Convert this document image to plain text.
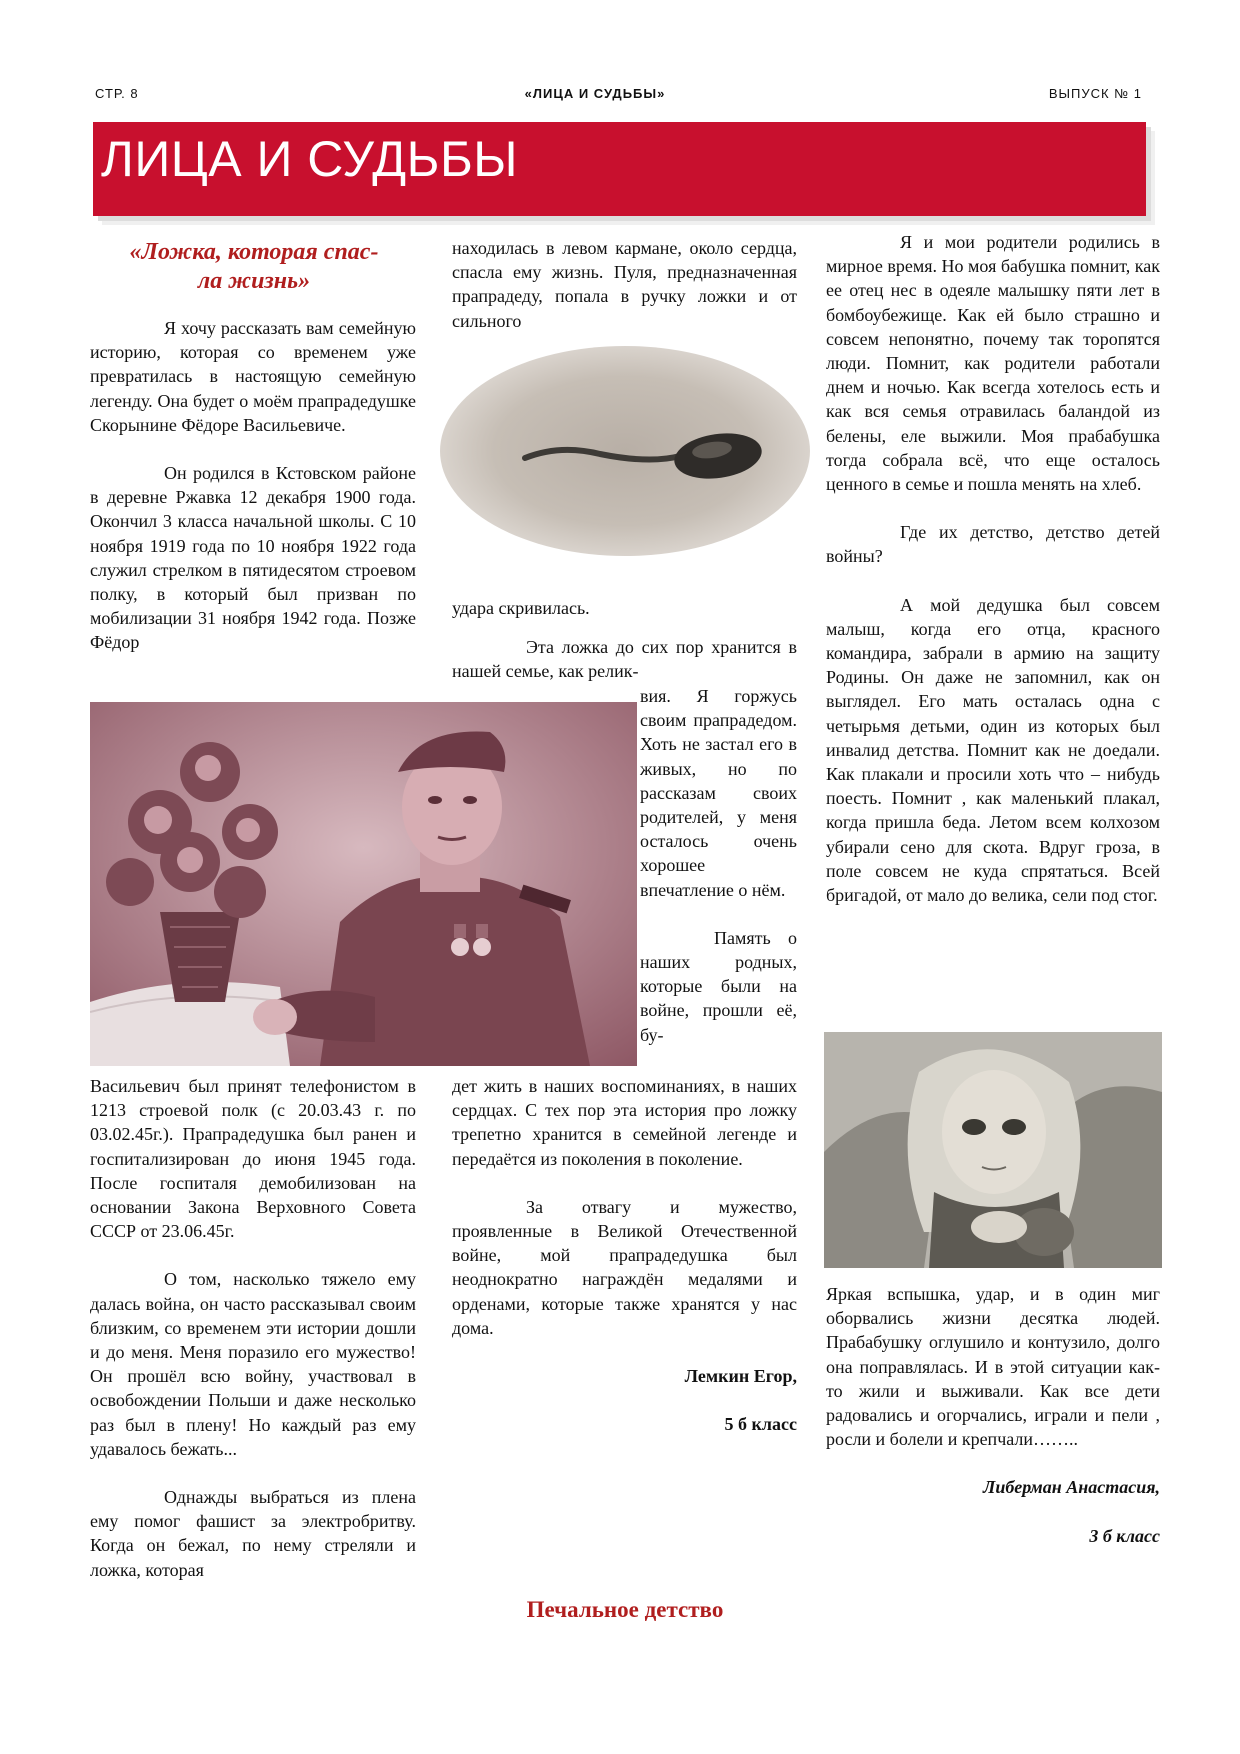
СТР. 8	«ЛИЦА И СУДЬБЫ»	ВЫПУСК № 1
ЛИЦА И СУДЬБЫ
«Ложка, которая спас-
ла жизнь»

Я хочу рассказать вам семейную историю, которая со временем уже превратилась в настоящую семейную легенду. Она будет о моём прапрадедушке Скорынине Фёдоре Васильевиче.

Он родился в Кстовском районе в деревне Ржавка 12 декабря 1900 года. Окончил 3 класса начальной школы. С 10 ноября 1919 года по 10 ноября 1922 года служил стрелком в пятидесятом строевом полку, в который был призван по мобилизации 31 ноября 1942 года. Позже Фёдор

Васильевич был принят телефонистом в 1213 строевой полк (с 20.03.43 г. по 03.02.45г.). Прапрадедушка был ранен и госпитализирован до июня 1945 года. После госпиталя демобилизован на основании Закона Верховного Совета СССР от 23.06.45г.

О том, насколько тяжело ему далась война, он часто рассказывал своим близким, со временем эти истории дошли и до меня. Меня поразило его мужество! Он прошёл всю войну, участвовал в освобождении Польши и даже несколько раз был в плену! Но каждый раз ему удавалось бежать...

Однажды выбраться из плена ему помог фашист за электробритву. Когда он бежал, по нему стреляли и ложка, которая

находилась в левом кармане, около сердца, спасла ему жизнь. Пуля, предназначенная прапрадеду, попала в ручку ложки и от сильного

удара скривилась.

Эта ложка до сих пор хранится в нашей семье, как релик-

вия. Я горжусь своим прапрадедом. Хоть не застал его в живых, но по рассказам своих родителей, у меня осталось очень хорошее впечатление о нём.

Память о наших родных, которые были на войне, прошли её, бу-

дет жить в наших воспоминаниях, в наших сердцах. С тех пор эта история про ложку трепетно хранится в семейной легенде и передаётся из поколения в поколение.

За отвагу и мужество, проявленные в Великой Отечественной войне, мой прапрадедушка был неоднократно награждён медалями и орденами, которые также хранятся у нас дома.

Лемкин Егор,

5 б класс

Я и мои родители родились в мирное время. Но моя бабушка помнит, как ее отец нес в одеяле малышку пяти лет в бомбоубежище. Как ей было страшно и совсем непонятно, почему так торопятся люди. Помнит, как родители работали днем и ночью. Как всегда хотелось есть и как вся семья отравилась баландой из белены, еле выжили. Моя прабабушка тогда собрала всё, что еще осталось ценного в семье и пошла менять на хлеб.

Где их детство, детство детей войны?

А мой дедушка был совсем малыш, когда его отца, красного командира, забрали в армию на защиту Родины. Он даже не запомнил, как он выглядел. Его мать осталась одна с четырьмя детьми, один из которых был инвалид детства. Помнит как не доедали. Как плакали и просили хоть что – нибудь поесть. Помнит , как маленький плакал, когда пришла беда. Летом всем колхозом убирали сено для скота. Вдруг гроза, в поле совсем не куда спрятаться. Всей бригадой, от мало до велика, сели под стог.

Яркая вспышка, удар, и в один миг оборвались жизни десятка людей. Прабабушку оглушило и контузило, долго она поправлялась. И в этой ситуации как-то жили и выживали. Как все дети радовались и огорчались, играли и пели , росли и болели и крепчали……..

Либерман Анастасия,

3 б класс

Печальное детство
